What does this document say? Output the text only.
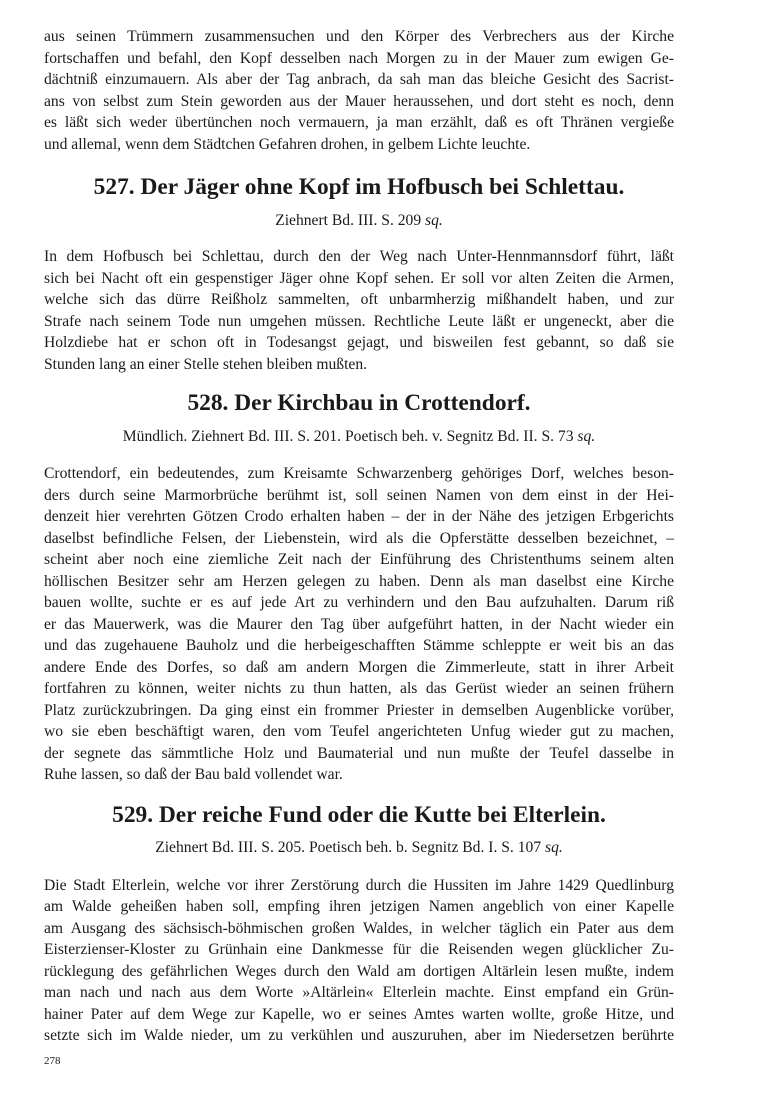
aus seinen Trümmern zusammensuchen und den Körper des Verbrechers aus der Kirche
fortschaffen und befahl, den Kopf desselben nach Morgen zu in der Mauer zum ewigen Ge-
dächtniß einzumauern. Als aber der Tag anbrach, da sah man das bleiche Gesicht des Sacrist-
ans von selbst zum Stein geworden aus der Mauer heraussehen, und dort steht es noch, denn
es läßt sich weder übertünchen noch vermauern, ja man erzählt, daß es oft Thränen vergieße
und allemal, wenn dem Städtchen Gefahren drohen, in gelbem Lichte leuchte.

527. Der Jäger ohne Kopf im Hofbusch bei Schlettau.

Ziehnert Bd. III. S. 209 sq.

In dem Hofbusch bei Schlettau, durch den der Weg nach Unter-Hennmannsdorf führt, läßt
sich bei Nacht oft ein gespenstiger Jäger ohne Kopf sehen. Er soll vor alten Zeiten die Armen,
welche sich das dürre Reißholz sammelten, oft unbarmherzig mißhandelt haben, und zur
Strafe nach seinem Tode nun umgehen müssen. Rechtliche Leute läßt er ungeneckt, aber die
Holzdiebe hat er schon oft in Todesangst gejagt, und bisweilen fest gebannt, so daß sie
Stunden lang an einer Stelle stehen bleiben mußten.

528. Der Kirchbau in Crottendorf.

Mündlich. Ziehnert Bd. III. S. 201. Poetisch beh. v. Segnitz Bd. II. S. 73 sq.

Crottendorf, ein bedeutendes, zum Kreisamte Schwarzenberg gehöriges Dorf, welches beson-
ders durch seine Marmorbrüche berühmt ist, soll seinen Namen von dem einst in der Hei-
denzeit hier verehrten Götzen Crodo erhalten haben – der in der Nähe des jetzigen Erbgerichts
daselbst befindliche Felsen, der Liebenstein, wird als die Opferstätte desselben bezeichnet, –
scheint aber noch eine ziemliche Zeit nach der Einführung des Christenthums seinem alten
höllischen Besitzer sehr am Herzen gelegen zu haben. Denn als man daselbst eine Kirche
bauen wollte, suchte er es auf jede Art zu verhindern und den Bau aufzuhalten. Darum riß
er das Mauerwerk, was die Maurer den Tag über aufgeführt hatten, in der Nacht wieder ein
und das zugehauene Bauholz und die herbeigeschafften Stämme schleppte er weit bis an das
andere Ende des Dorfes, so daß am andern Morgen die Zimmerleute, statt in ihrer Arbeit
fortfahren zu können, weiter nichts zu thun hatten, als das Gerüst wieder an seinen frühern
Platz zurückzubringen. Da ging einst ein frommer Priester in demselben Augenblicke vorüber,
wo sie eben beschäftigt waren, den vom Teufel angerichteten Unfug wieder gut zu machen,
der segnete das sämmtliche Holz und Baumaterial und nun mußte der Teufel dasselbe in
Ruhe lassen, so daß der Bau bald vollendet war.

529. Der reiche Fund oder die Kutte bei Elterlein.

Ziehnert Bd. III. S. 205. Poetisch beh. b. Segnitz Bd. I. S. 107 sq.

Die Stadt Elterlein, welche vor ihrer Zerstörung durch die Hussiten im Jahre 1429 Quedlinburg
am Walde geheißen haben soll, empfing ihren jetzigen Namen angeblich von einer Kapelle
am Ausgang des sächsisch-böhmischen großen Waldes, in welcher täglich ein Pater aus dem
Eisterzienser-Kloster zu Grünhain eine Dankmesse für die Reisenden wegen glücklicher Zu-
rücklegung des gefährlichen Weges durch den Wald am dortigen Altärlein lesen mußte, indem
man nach und nach aus dem Worte »Altärlein« Elterlein machte. Einst empfand ein Grün-
hainer Pater auf dem Wege zur Kapelle, wo er seines Amtes warten wollte, große Hitze, und
setzte sich im Walde nieder, um zu verkühlen und auszuruhen, aber im Niedersetzen berührte

278
